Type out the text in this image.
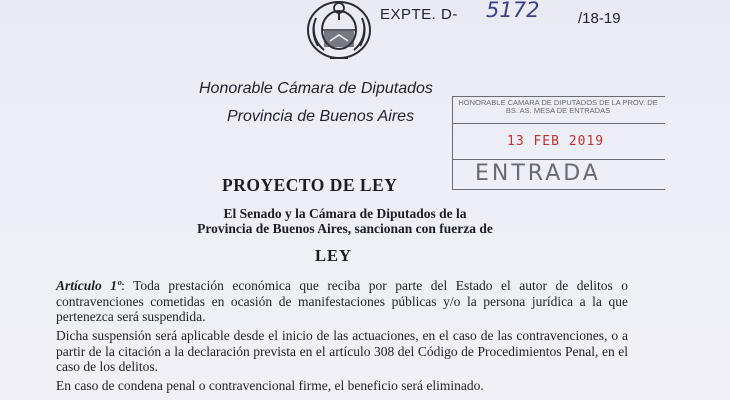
EXPTE. D- 5172	/18-19
Honorable Cámara de Diputados
Provincia de Buenos Aires
HONORABLE CAMARA DE DIPUTADOS DE LA PROV. DE BS. AS. MESA DE ENTRADAS
13 FEB 2019
ENTRADA
PROYECTO DE LEY
El Senado y la Cámara de Diputados de la
Provincia de Buenos Aires, sancionan con fuerza de
LEY
Artículo 1º: Toda prestación económica que reciba por parte del Estado el autor de delitos o contravenciones cometidas en ocasión de manifestaciones públicas y/o la persona jurídica a la que pertenezca será suspendida.
Dicha suspensión será aplicable desde el inicio de las actuaciones, en el caso de las contravenciones, o a partir de la citación a la declaración prevista en el artículo 308 del Código de Procedimientos Penal, en el caso de los delitos.
En caso de condena penal o contravencional firme, el beneficio será eliminado.
